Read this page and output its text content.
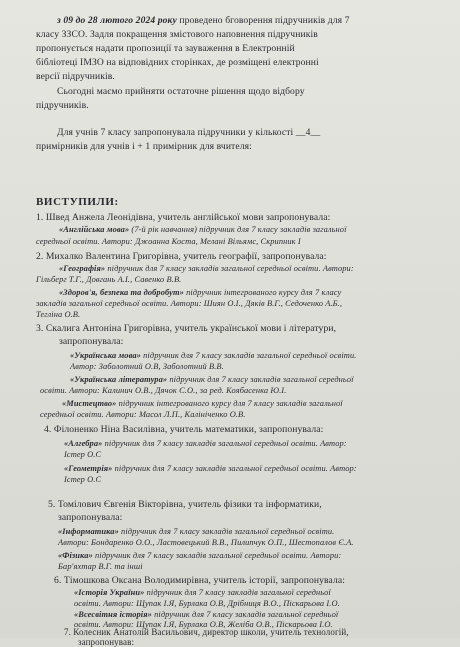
з 09 до 28 лютого 2024 року проведено бговорення підручників для 7
класу ЗЗСО. Задля покращення змістового наповнення підручників
пропонується надати пропозиції та зауваження в Електронній
бібліотеці ІМЗО на відповідних сторінках, де розміщені електронні
версії підручників.
Сьогодні маємо прийняти остаточне рішення щодо відбору
підручників.
Для учнів 7 класу запропонувала підручники у кількості __4__
примірників для учнів і + 1 примірник для вчителя:
ВИСТУПИЛИ:
1. Швед Анжела Леонідівна, учитель англійської мови запропонувала:
«Англійська мова» (7-й рік навчання) підручник для 7 класу закладів загальної
середньої освіти. Автори: Джоанна Коста, Мелані Вільямс, Скрипник І
2. Михалко Валентина Григорівна, учитель географії, запропонувала:
«Географія» підручник для 7 класу закладів загальної середньої освіти. Автори:
Гільберг Т.Г., Довгань А.І., Савенко В.В.
«Здоров'я, безпека та добробут» підручник інтегрованого курсу для 7 класу
закладів загальної середньої освіти. Автори: Шиян О.І., Дяків В.Г., Седоченко А.Б.,
Тегліна О.В.
3. Скалига Антоніна Григорівна, учитель української мови і літератури,
запропонувала:
«Українська мова» підручник для 7 класу закладів загальної середньої освіти.
Автор: Заболотний О.В, Заболотний В.В.
«Українська література» підручник для 7 класу закладів загальної середньої
освіти. Автори: Калинич О.В., Дячок С.О., за ред. Коябасенка Ю.І.
«Мистецтво» підручник інтегрованого курсу для 7 класу закладів загальної
середньої освіти. Автори: Масол Л.П., Калініченко О.В.
4. Філоненко Ніна Василівна, учитель математики, запропонувала:
«Алгебра» підручник для 7 класу закладів загальної середньої освіти. Автор:
Істер О.С
«Геометрія» підручник для 7 класу закладів загальної середньої освіти. Автор:
Істер О.С
5. Томілович Євгенія Вікторівна, учитель фізики та інформатики,
запропонувала:
«Інформатика» підручник для 7 класу закладів загальної середньої освіти.
Автори: Бондаренко О.О., Ластовецький В.В., Пилипчук О.П., Шестопалов Є.А.
«Фізика» підручник для 7 класу закладів загальної середньої освіти. Автори:
Бар'яхтар В.Г. та інші
6. Тімошкова Оксана Володимирівна, учитель історії, запропонувала:
«Історія України» підручник для 7 класу закладів загальної середньої
освіти. Автори: Щупак І.Я, Бурлака О.В, Дрібниця В.О., Піскарьова І.О.
«Всесвітня історія» підручник для 7 класу закладів загальної середньої
освіти. Автори: Щупак І.Я, Бурлака О.В, Желіба О.В., Піскарьова І.О.
7. Колесник Анатолій Васильович, директор школи, учитель технологій,
запропонував:
